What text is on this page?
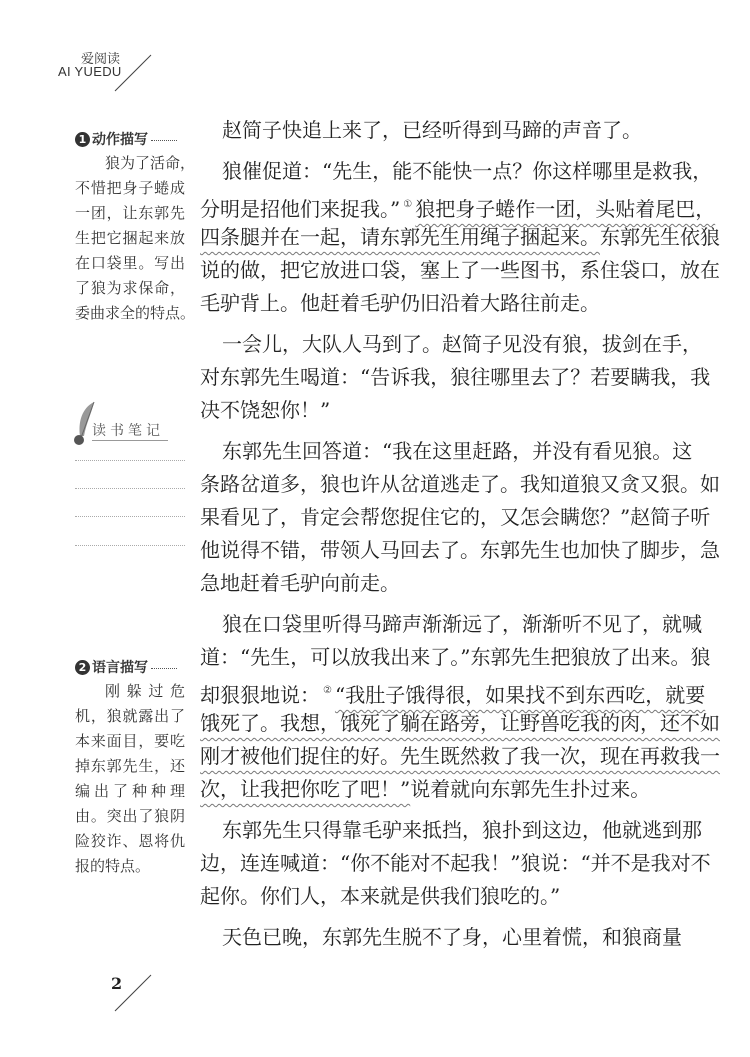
爱阅读
AI YUEDU
1 动作描写
狼为了活命，
不惜把身子蜷成
一团，让东郭先
生把它捆起来放
在口袋里。写出
了狼为求保命，
委曲求全的特点。
读书笔记
2 语言描写
刚躲过危
机，狼就露出了
本来面目，要吃
掉东郭先生，还
编出了种种理
由。突出了狼阴
险狡诈、恩将仇
报的特点。
赵简子快追上来了，已经听得到马蹄的声音了。
狼催促道：“先生，能不能快一点？你这样哪里是救我，
分明是招他们来捉我。” ① 狼把身子蜷作一团，头贴着尾巴，
四条腿并在一起，请东郭先生用绳子捆起来。东郭先生依狼
说的做，把它放进口袋，塞上了一些图书，系住袋口，放在
毛驴背上。他赶着毛驴仍旧沿着大路往前走。
一会儿，大队人马到了。赵简子见没有狼，拔剑在手，
对东郭先生喝道：“告诉我，狼往哪里去了？若要瞒我，我
决不饶恕你！”
东郭先生回答道：“我在这里赶路，并没有看见狼。这
条路岔道多，狼也许从岔道逃走了。我知道狼又贪又狠。如
果看见了，肯定会帮您捉住它的，又怎会瞒您？”赵简子听
他说得不错，带领人马回去了。东郭先生也加快了脚步，急
急地赶着毛驴向前走。
狼在口袋里听得马蹄声渐渐远了，渐渐听不见了，就喊
道：“先生，可以放我出来了。”东郭先生把狼放了出来。狼
却狠狠地说： ② “我肚子饿得很，如果找不到东西吃，就要
饿死了。我想，饿死了躺在路旁，让野兽吃我的肉，还不如
刚才被他们捉住的好。先生既然救了我一次，现在再救我一
次，让我把你吃了吧！”说着就向东郭先生扑过来。
东郭先生只得靠毛驴来抵挡，狼扑到这边，他就逃到那
边，连连喊道：“你不能对不起我！”狼说：“并不是我对不
起你。你们人，本来就是供我们狼吃的。”
天色已晚，东郭先生脱不了身，心里着慌，和狼商量
2
